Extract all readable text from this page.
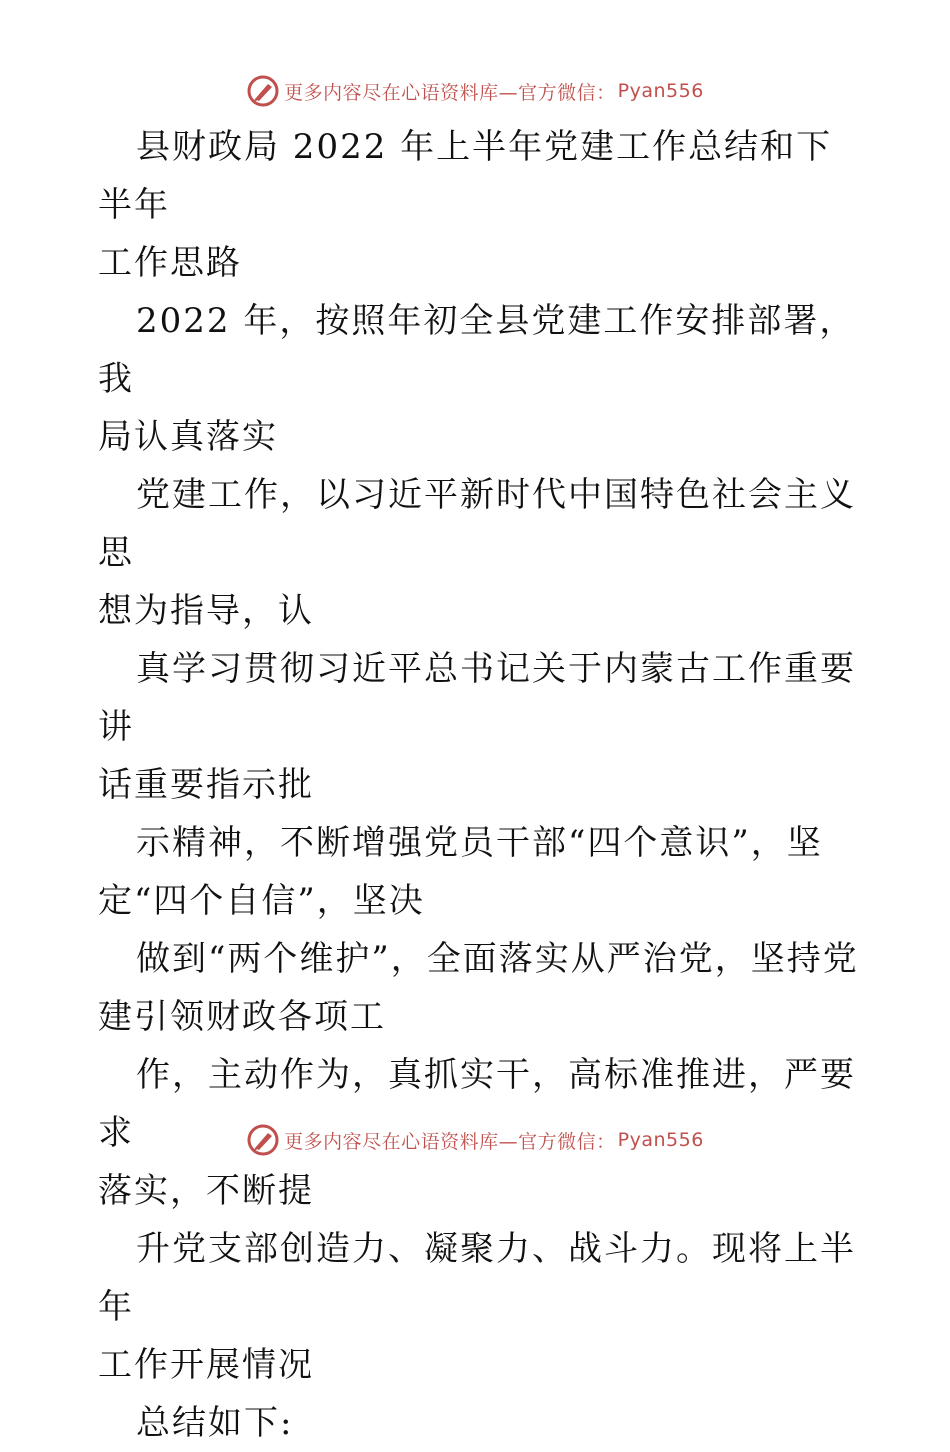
更多内容尽在心语资料库—官方微信： Pyan556

县财政局 2022 年上半年党建工作总结和下半年
工作思路

2022 年，按照年初全县党建工作安排部署，我
局认真落实

党建工作，以习近平新时代中国特色社会主义思
想为指导，认

真学习贯彻习近平总书记关于内蒙古工作重要讲
话重要指示批

示精神，不断增强党员干部“四个意识”，坚
定“四个自信”，坚决

做到“两个维护”，全面落实从严治党，坚持党
建引领财政各项工

作，主动作为，真抓实干，高标准推进，严要求
落实，不断提

升党支部创造力、凝聚力、战斗力。现将上半年
工作开展情况

总结如下:

更多内容尽在心语资料库—官方微信： Pyan556
